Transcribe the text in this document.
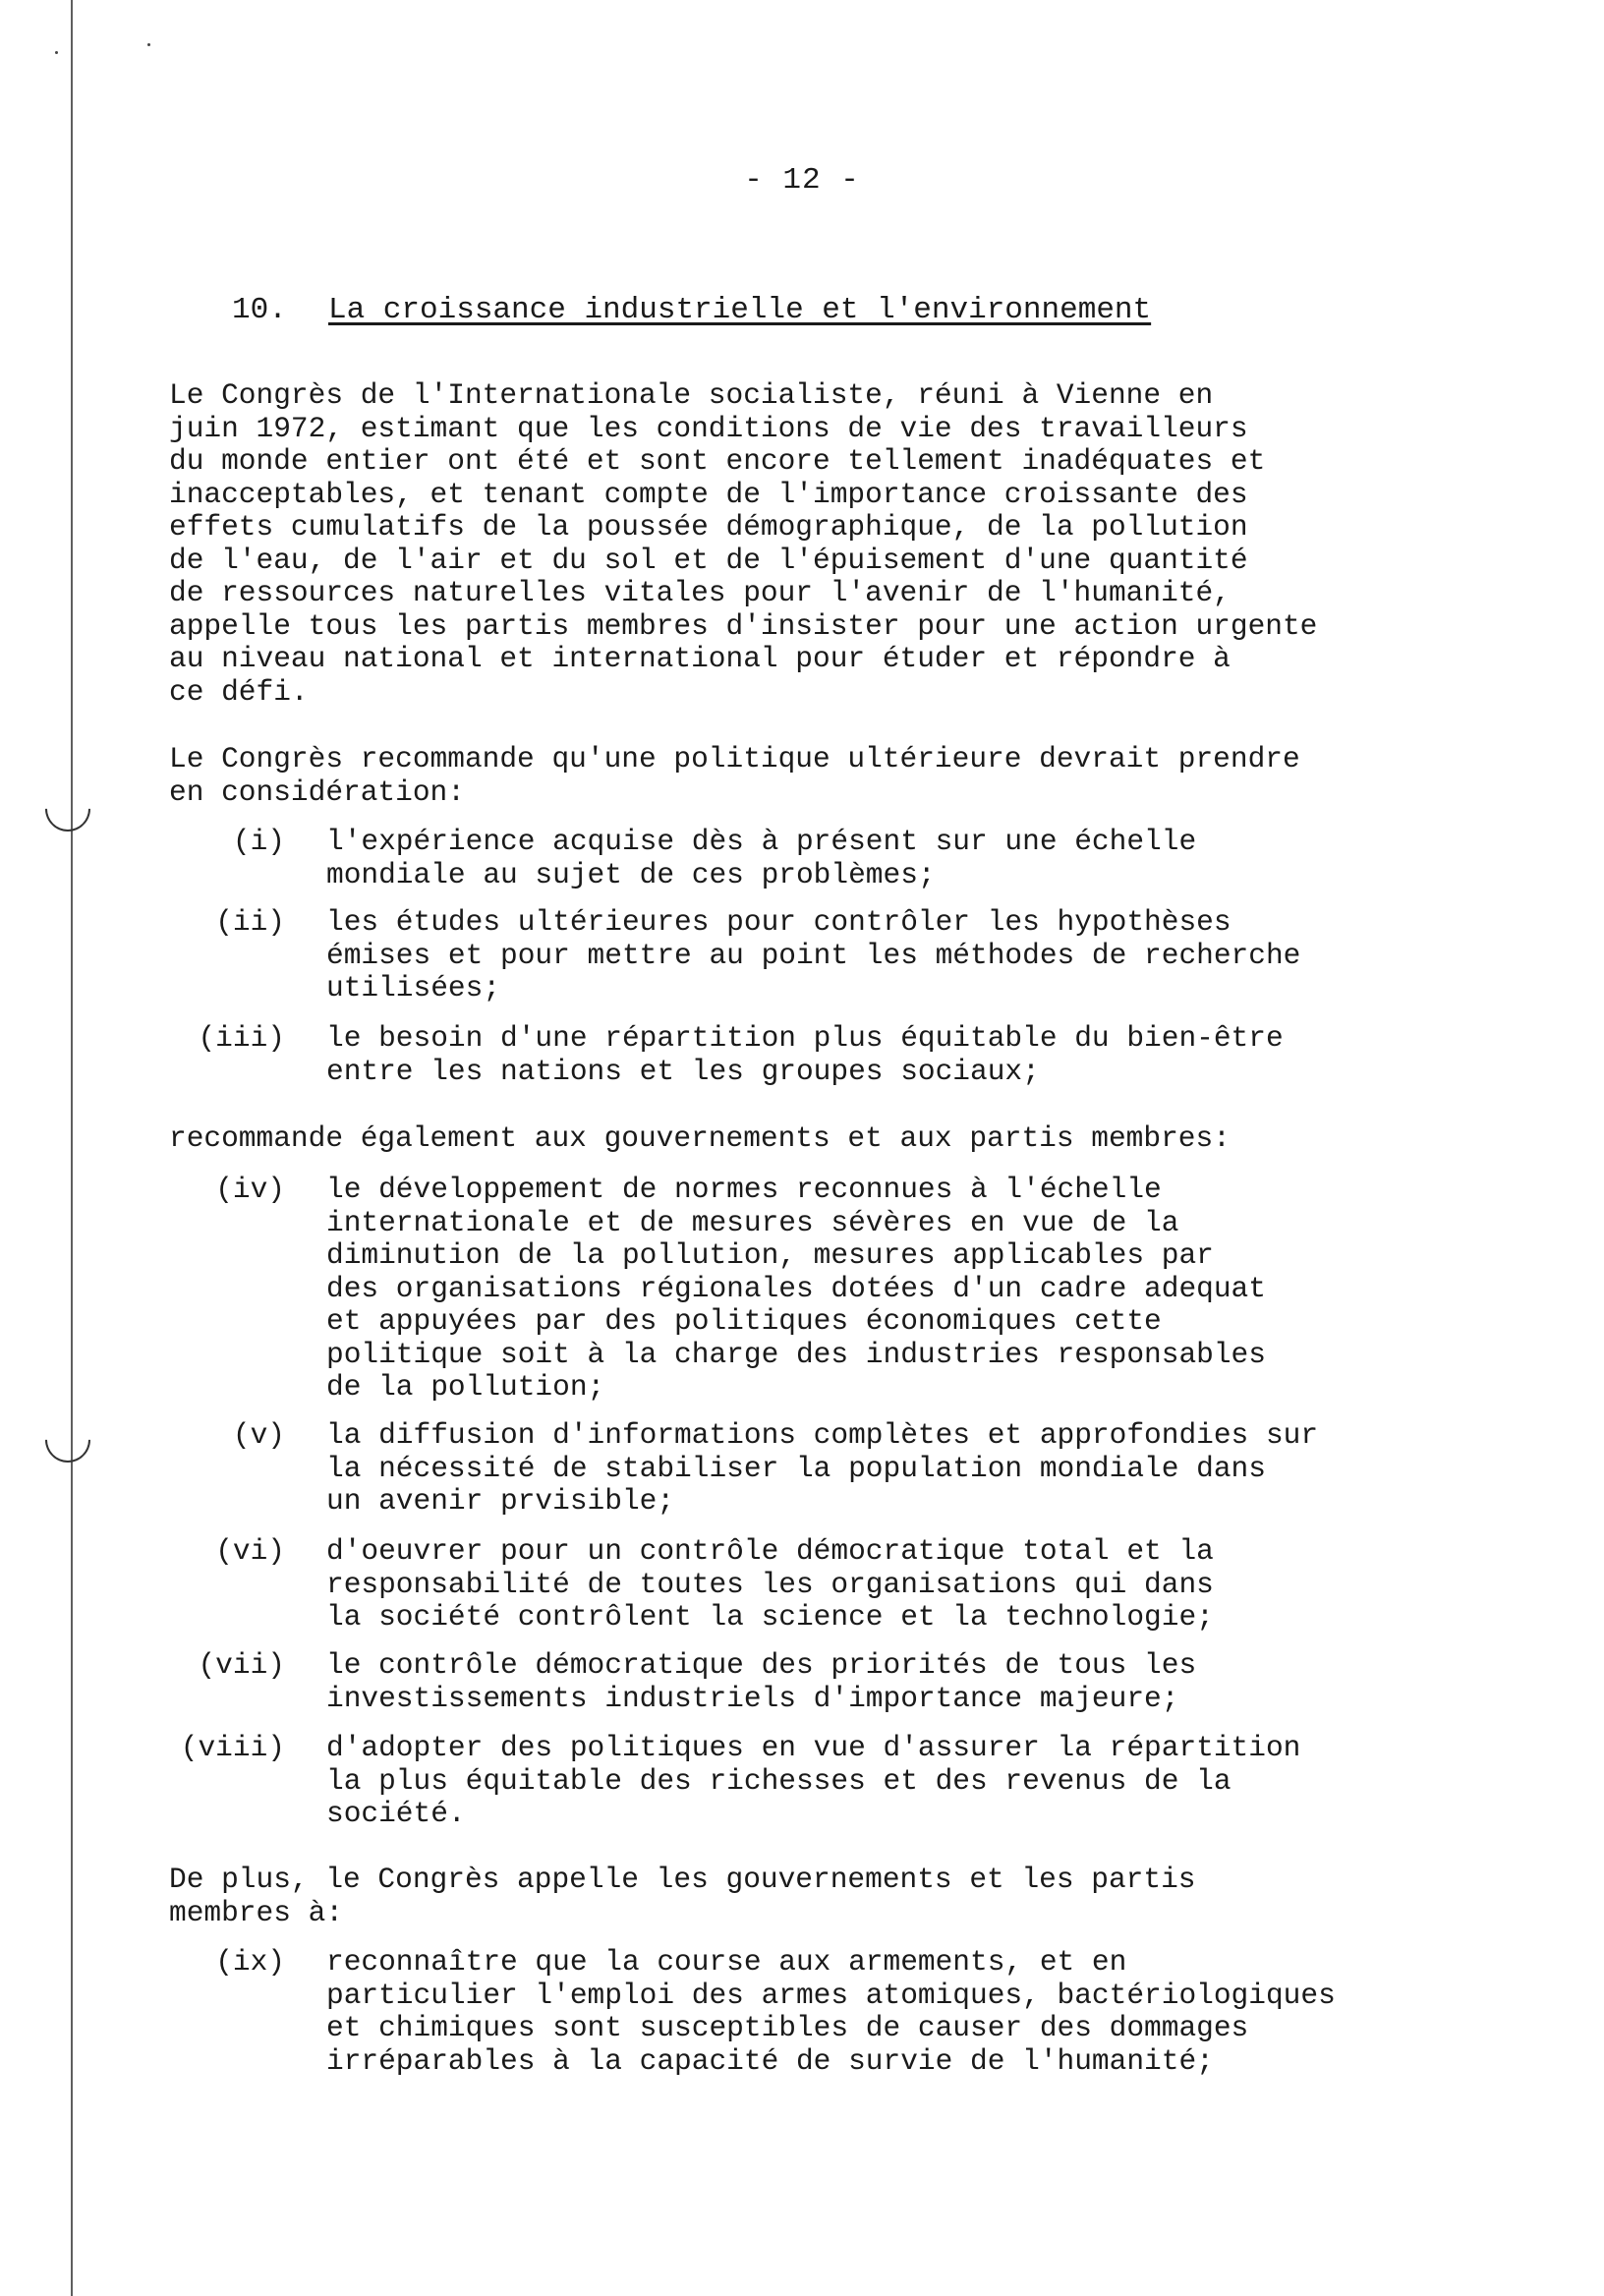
- 12 -
10. La croissance industrielle et l'environnement
Le Congrès de l'Internationale socialiste, réuni à Vienne en
juin 1972, estimant que les conditions de vie des travailleurs
du monde entier ont été et sont encore tellement inadéquates et
inacceptables, et tenant compte de l'importance croissante des
effets cumulatifs de la poussée démographique, de la pollution
de l'eau, de l'air et du sol et de l'épuisement d'une quantité
de ressources naturelles vitales pour l'avenir de l'humanité,
appelle tous les partis membres d'insister pour une action urgente
au niveau national et international pour étuder et répondre à
ce défi.
Le Congrès recommande qu'une politique ultérieure devrait prendre
en considération:
(i) l'expérience acquise dès à présent sur une échelle
mondiale au sujet de ces problèmes;
(ii) les études ultérieures pour contrôler les hypothèses
émises et pour mettre au point les méthodes de recherche
utilisées;
(iii) le besoin d'une répartition plus équitable du bien-être
entre les nations et les groupes sociaux;
recommande également aux gouvernements et aux partis membres:
(iv) le développement de normes reconnues à l'échelle
internationale et de mesures sévères en vue de la
diminution de la pollution, mesures applicables par
des organisations régionales dotées d'un cadre adequat
et appuyées par des politiques économiques cette
politique soit à la charge des industries responsables
de la pollution;
(v) la diffusion d'informations complètes et approfondies sur
la nécessité de stabiliser la population mondiale dans
un avenir prvisible;
(vi) d'oeuvrer pour un contrôle démocratique total et la
responsabilité de toutes les organisations qui dans
la société contrôlent la science et la technologie;
(vii) le contrôle démocratique des priorités de tous les
investissements industriels d'importance majeure;
(viii) d'adopter des politiques en vue d'assurer la répartition
la plus équitable des richesses et des revenus de la
société.
De plus, le Congrès appelle les gouvernements et les partis
membres à:
(ix) reconnaître que la course aux armements, et en
particulier l'emploi des armes atomiques, bactériologiques
et chimiques sont susceptibles de causer des dommages
irréparables à la capacité de survie de l'humanité;
